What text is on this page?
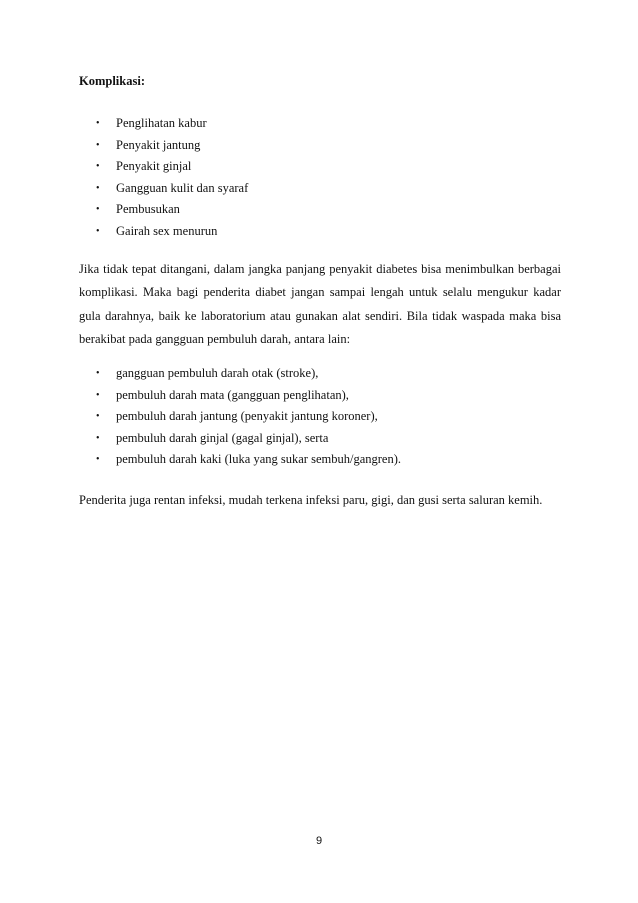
Komplikasi:
• Penglihatan kabur
• Penyakit jantung
• Penyakit ginjal
• Gangguan kulit dan syaraf
• Pembusukan
• Gairah sex menurun

Jika tidak tepat ditangani, dalam jangka panjang penyakit diabetes bisa menimbulkan berbagai komplikasi. Maka bagi penderita diabet jangan sampai lengah untuk selalu mengukur kadar gula darahnya, baik ke laboratorium atau gunakan alat sendiri. Bila tidak waspada maka bisa berakibat pada gangguan pembuluh darah, antara lain:

• gangguan pembuluh darah otak (stroke),
• pembuluh darah mata (gangguan penglihatan),
• pembuluh darah jantung (penyakit jantung koroner),
• pembuluh darah ginjal (gagal ginjal), serta
• pembuluh darah kaki (luka yang sukar sembuh/gangren).

Penderita juga rentan infeksi, mudah terkena infeksi paru, gigi, dan gusi serta saluran kemih.

9
